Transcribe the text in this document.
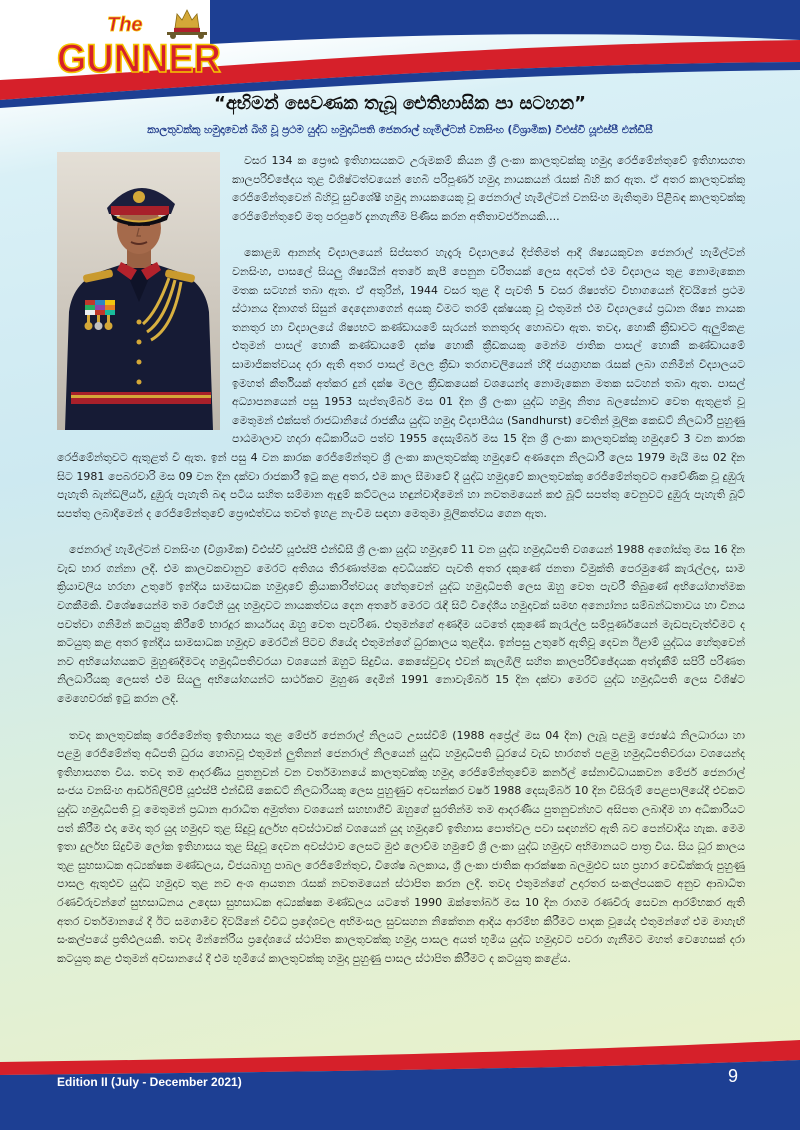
The
GUNNER
“අභිමන් සෙවණක තැබූ ඓතිහාසික පා සටහන”
කාලතුවක්කු හමුදාවෙන් බිහි වූ ප්‍රථම යුද්ධ හමුදාධිපති ජෙනරාල් හැමිල්ටන් වනසිංහ (විශ්‍රාමික) වීඑස්වී යූඑස්පී එන්ඩීසී

වසර 134 ක ප්‍රෞඪ ඉතිහාසයකට උරුමකම් කියන ශ්‍රී ලංකා කාලතුවක්කු හමුදා රෙජිමේන්තුවේ ඉතිහාසගත කාලපරිච්ඡේදය තුළ විශිෂ්ටත්වයෙන් හෙබි පරිපූර්ණ හමුදා නායකයන් රැසක් බිහි කර ඇත. ඒ අතර කාලතුවක්කු රෙජිමේන්තුවෙන් බිහිවූ සුවිශේෂී හමුදා නායකයෙකු වූ ජෙනරාල් හැමිල්ටන් වනසිංහ මැතිතුමා පිළිබඳ කාලතුවක්කු රෙජිමේන්තුවේ මතු පරපුරේ දැනගැනීම පිණිස කරන අතීතාවර්ජනයකි....

කොළඹ ආනන්ද විද්‍යාලයෙන් සිප්සතර හැදෑරූ විද්‍යාලයේ දීප්තිමත් ආදී ශිෂ්‍යයකුවන ජෙනරාල් හැමිල්ටන් වනසිංහ, පාසලේ සියලු ශිෂ්‍යයින් අතරේ කැපී පෙනුන චරිතයක් ලෙස අදටත් එම විද්‍යාලය තුළ නොමැකෙන මතක සටහන් තබා ඇත. ඒ අතුරින්, 1944 වසර තුළ දී පැවති 5 වසර ශිෂ්‍යත්ව විභාගයෙන් දිවයිනේ ප්‍රථම ස්ථානය දිනාගත් සිසුන් දෙදෙනාගෙන් අයකු වීමට තරම් දක්ෂයකු වූ එතුමන් එම විද්‍යාලයේ ප්‍රධාන ශිෂ්‍ය නායක තනතුර හා විද්‍යාලයේ ශිෂ්‍යභට කණ්ඩායමේ සැරයන් තනතුරද හොබවා ඇත. තවද, හොකී ක්‍රීඩාවට ඇලුම්කළ එතුමන් පාසල් හොකී කණ්ඩායමේ දක්ෂ හොකී ක්‍රීඩකයකු මෙන්ම ජාතික පාසල් හොකී කණ්ඩායමේ සාමාජිකත්වයද දරා ඇති අතර පාසල් මලල ක්‍රීඩා තරගාවලියෙන් හිදී ජයග්‍රාහක රැසක් ලබා ගනිමින් විද්‍යාලයට ඉමහත් කීර්තියක් අත්කර දුන් දක්ෂ මලල ක්‍රීඩකයෙක් වශයෙන්ද නොමැකෙන මතක සටහන් තබා ඇත. පාසල් අධ්‍යාපනයෙන් පසු 1953 සැප්තැම්බර් මස 01 දින ශ්‍රී ලංකා යුද්ධ හමුදා නිත්‍ය බලසේනාව වෙත ඇතුළත් වූ මෙතුමන් එක්සත් රාජධානියේ රාජකීය යුද්ධ හමුදා විද්‍යාපීඨය (Sandhurst) වෙතින් මූලික කෙඩට් නිලධාරී පුහුණු පාඨමාලාව හදාරා අධිකාරියට පත්ව 1955 දෙසැම්බර් මස 15 දින ශ්‍රී ලංකා කාලතුවක්කු හමුදාවේ 3 වන කාරක රෙජිමේන්තුවට ඇතුළත් වී ඇත. ඉන් පසු 4 වන කාරක රෙජිමේන්තුව ශ්‍රී ලංකා කාලතුවක්කු හමුදාවේ අණදෙන නිලධාරී ලෙස 1979 මැයි මස 02 දින සිට 1981 පෙබරවාරි මස 09 වන දින දක්වා රාජකාරී ඉටු කළ අතර, එම කාල සීමාවේ දී යුද්ධ හමුදාවේ කාලතුවක්කු රෙජිමේන්තුවට ආවේණික වූ දුඹුරු පැහැති බැන්ඩලියර්, දුඹුරු පැහැති බඳ පටිය සහිත සම්මාන ඇඳුම් කට්ටලය හඳුන්වාදීමෙන් හා නවතමයෙන් කළු බූට් සපත්තු වෙනුවට දුඹුරු පැහැති බූට් සපත්තු ලබාදීමෙන් ද රෙජිමේන්තුවේ ප්‍රෞඪත්වය තවත් ඉහළ නැංවීම සඳහා මෙතුමා මූලිකත්වය ගෙන ඇත.

ජෙනරාල් හැමිල්ටන් වනසිංහ (විශ්‍රාමික) වීඑස්වී යූඑස්පී එන්ඩීසී ශ්‍රී ලංකා යුද්ධ හමුදාවේ 11 වන යුද්ධ හමුදාධිපති වශයෙන් 1988 අගෝස්තු මස 16 දින වැඩ භාර ගන්නා ලදී. එම කාලවකවානුව මෙරට අතිශය තීරණාත්මක අවධියක්ව පැවති අතර දකුණේ ජනතා විමුක්ති පෙරමුණේ කැරැල්ලද, සාම ක්‍රියාවලිය හරහා උතුරේ ඉන්දීය සාමසාධක හමුදාවේ ක්‍රියාකාරිත්වයද හේතුවෙන් යුද්ධ හමුදාධිපති ලෙස ඔහු වෙත පැවරී තිබුණේ අභියෝගාත්මක වගකීමකි. විශේෂයෙන්ම තම රටේහි යුද හමුදාවට නායකත්වය දෙන අතරේ මෙරට රැඳී සිටි විදේශීය හමුදාවක් සමඟ අන්‍යෝන්‍ය සම්බන්ධතාවය හා විනය පවත්වා ගනිමින් කටයුතු කිරීමේ භාරදූර කාර්යයද ඔහු වෙත පැවරිණ. එතුමන්ගේ අණදීම යටතේ දකුණේ කැරැල්ල සම්පූර්ණයෙන් මැඩපැවැත්වීමට ද කටයුතු කළ අතර ඉන්දීය සාමසාධක හමුදාව මෙරටින් පිටව ගියේද එතුමන්ගේ ධුරකාලය තුළදීය. ඉන්පසු උතුරේ ඇතිවූ දෙවන ඊළාම් යුද්ධය හේතුවෙන් නව අභියෝගයකට මුහුණදීමටද හමුදාධිපතිවරයා වශයෙන් ඔහුට සිදුවිය. කෙසේවුවද එවන් කැලඹිලි සහිත කාලපරිච්ඡේදයක අත්දැකීම් සපිරි පරිණත නිලධාරියකු ලෙසත් එම සියලු අභියෝගයන්ට සාර්ථකව මුහුණ දෙමින් 1991 නොවැම්බර් 15 දින දක්වා මෙරට යුද්ධ හමුදාධිපති ලෙස විශිෂ්ට මෙහෙවරක් ඉටු කරන ලදී.

තවද කාලතුවක්කු රෙජිමේන්තු ඉතිහාසය තුළ මේජර් ජෙනරාල් නිලයට උසස්වීම් (1988 අප්‍රේල් මස 04 දින) ලැබූ පළමු ජ්‍යෙෂ්ඨ නිලධාරයා හා පළමු රෙජිමේන්තු අධිපති ධුරය හොබවූ එතුමන් ලුතිනන් ජෙනරාල් නිලයෙන් යුද්ධ හමුදාධිපති ධුරයේ වැඩ භාරගත් පළමු හමුදාධිපතිවරයා වශයෙන්ද ඉතිහාසගත විය. තවද තම ආදරණීය පුතනුවන් වන වර්තමානයේ කාලතුවක්කු හමුදා රෙජිමේන්තුවේම කර්නල් සේනාවිධායකවන මේජර් ජෙනරාල් සංජය වනසිංහ ආර්ඩබ්ලිව්පී යූඑස්පී එන්ඩීසී කෙඩට් නිලධාරියකු ලෙස පුහුණුව අවසන්කර වර්ෂ 1988 දෙසැම්බර් 10 දින විසිරුම් පෙළපාලියේදී එවකට යුද්ධ හමුදාධිපති වූ මෙතුමන් ප්‍රධාන ආරාධිත අමුත්තා වශයෙන් සහභාගීවී ඔහුගේ සුරතින්ම තම ආදරණීය පුතනුවන්හට අසිපත ලබාදීම හා අධිකාරියට පත් කිරීම එදා මෙදා තුර යුද හමුදාව තුළ සිදුවූ දුර්ලභ අවස්ථාවක් වශයෙන් යුද හමුදාවේ ඉතිහාස පොත්වල පවා සඳහන්ව ඇති බව පෙන්වාදිය හැක. මෙම ඉතා දුර්ලභ සිදුවීම ලෝක ඉතිහාසය තුළ සිදුවූ දෙවන අවස්ථාව ලෙසට මුළු ලොව්ම හමුවේ ශ්‍රී ලංකා යුද්ධ හමුදාව අභිමානයට පාත්‍ර විය. සිය ධූර කාලය තුළ සුභසාධක අධ්‍යක්ෂක මණ්ඩලය, විජයබාහු පාබල රෙජිමේන්තුව, විශේෂ බලකාය, ශ්‍රී ලංකා ජාතික ආරක්ෂක බලමුළුව සහ ප්‍රහාර වෙඩික්කරු පුහුණු පාසල ඇතුළුව යුද්ධ හමුදාව තුළ නව අංශ ආයතන රැසක් නවතමයෙන් ස්ථාපිත කරන ලදී. තවද එතුමන්ගේ උදාරතර සංකල්පයකට අනුව ආබාධිත රණවිරුවන්ගේ සුභසාධනය උදෙසා සුභසාධක අධ්‍යක්ෂක මණ්ඩලය යටතේ 1990 ඔක්තෝබර් මස 10 දින රාගම රණවිරු සෙවන ආරම්භකර ඇති අතර වර්තමානයේ දී ඊට සමගාමීව දිවයිනේ විවිධ ප්‍රදේශවල අභිමංසල සුවසහන නිකේතන ආදිය ආරම්භ කිරීමට පාදක වූයේද එතුමන්ගේ එම මාහැඟි සංකල්පයේ ප්‍රතිඵලයකි. තවද මින්නේරිය ප්‍රදේශයේ ස්ථාපිත කාලතුවක්කු හමුදා පාසල අයත් භූමිය යුද්ධ හමුදාවට පවරා ගැනීමට මහත් වෙහෙසක් දරා කටයුතු කළ එතුමන් අවසානයේ දී එම භූමියේ කාලතුවක්කු හමුදා පුහුණු පාසල ස්ථාපිත කිරීමට ද කටයුතු කළේය.

Edition II (July - December 2021)	9
